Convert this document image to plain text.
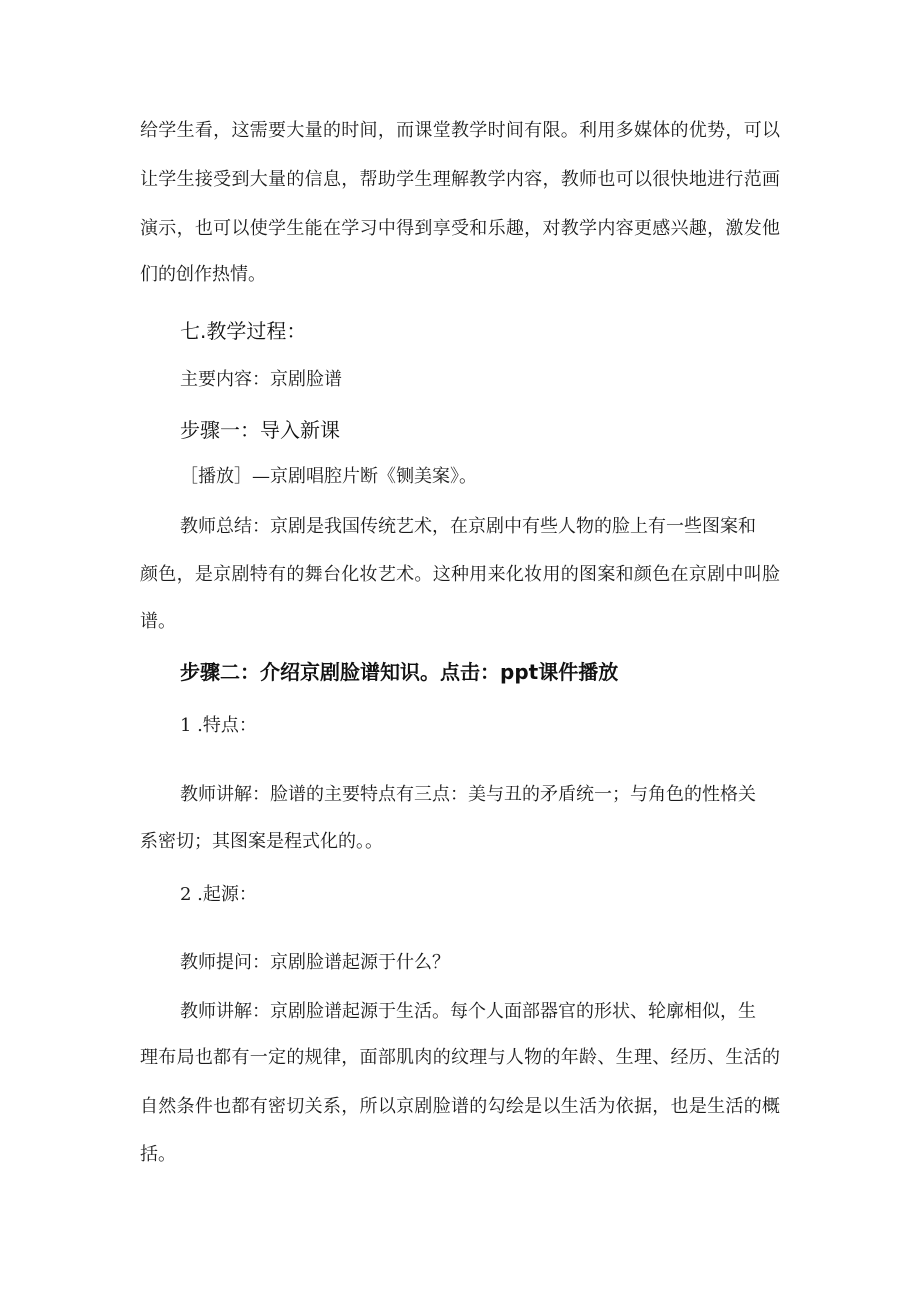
给学生看，这需要大量的时间，而课堂教学时间有限。利用多媒体的优势，可以
让学生接受到大量的信息，帮助学生理解教学内容，教师也可以很快地进行范画
演示，也可以使学生能在学习中得到享受和乐趣，对教学内容更感兴趣，激发他
们的创作热情。
七.教学过程：
主要内容：京剧脸谱
步骤一：导入新课
［播放］—京剧唱腔片断《铡美案》。
教师总结：京剧是我国传统艺术，在京剧中有些人物的脸上有一些图案和
颜色，是京剧特有的舞台化妆艺术。这种用来化妆用的图案和颜色在京剧中叫脸
谱。
步骤二：介绍京剧脸谱知识。点击：ppt课件播放
1 .特点：
教师讲解：脸谱的主要特点有三点：美与丑的矛盾统一；与角色的性格关
系密切；其图案是程式化的。。
2 .起源：
教师提问：京剧脸谱起源于什么？
教师讲解：京剧脸谱起源于生活。每个人面部器官的形状、轮廓相似，生
理布局也都有一定的规律，面部肌肉的纹理与人物的年龄、生理、经历、生活的
自然条件也都有密切关系，所以京剧脸谱的勾绘是以生活为依据，也是生活的概
括。
